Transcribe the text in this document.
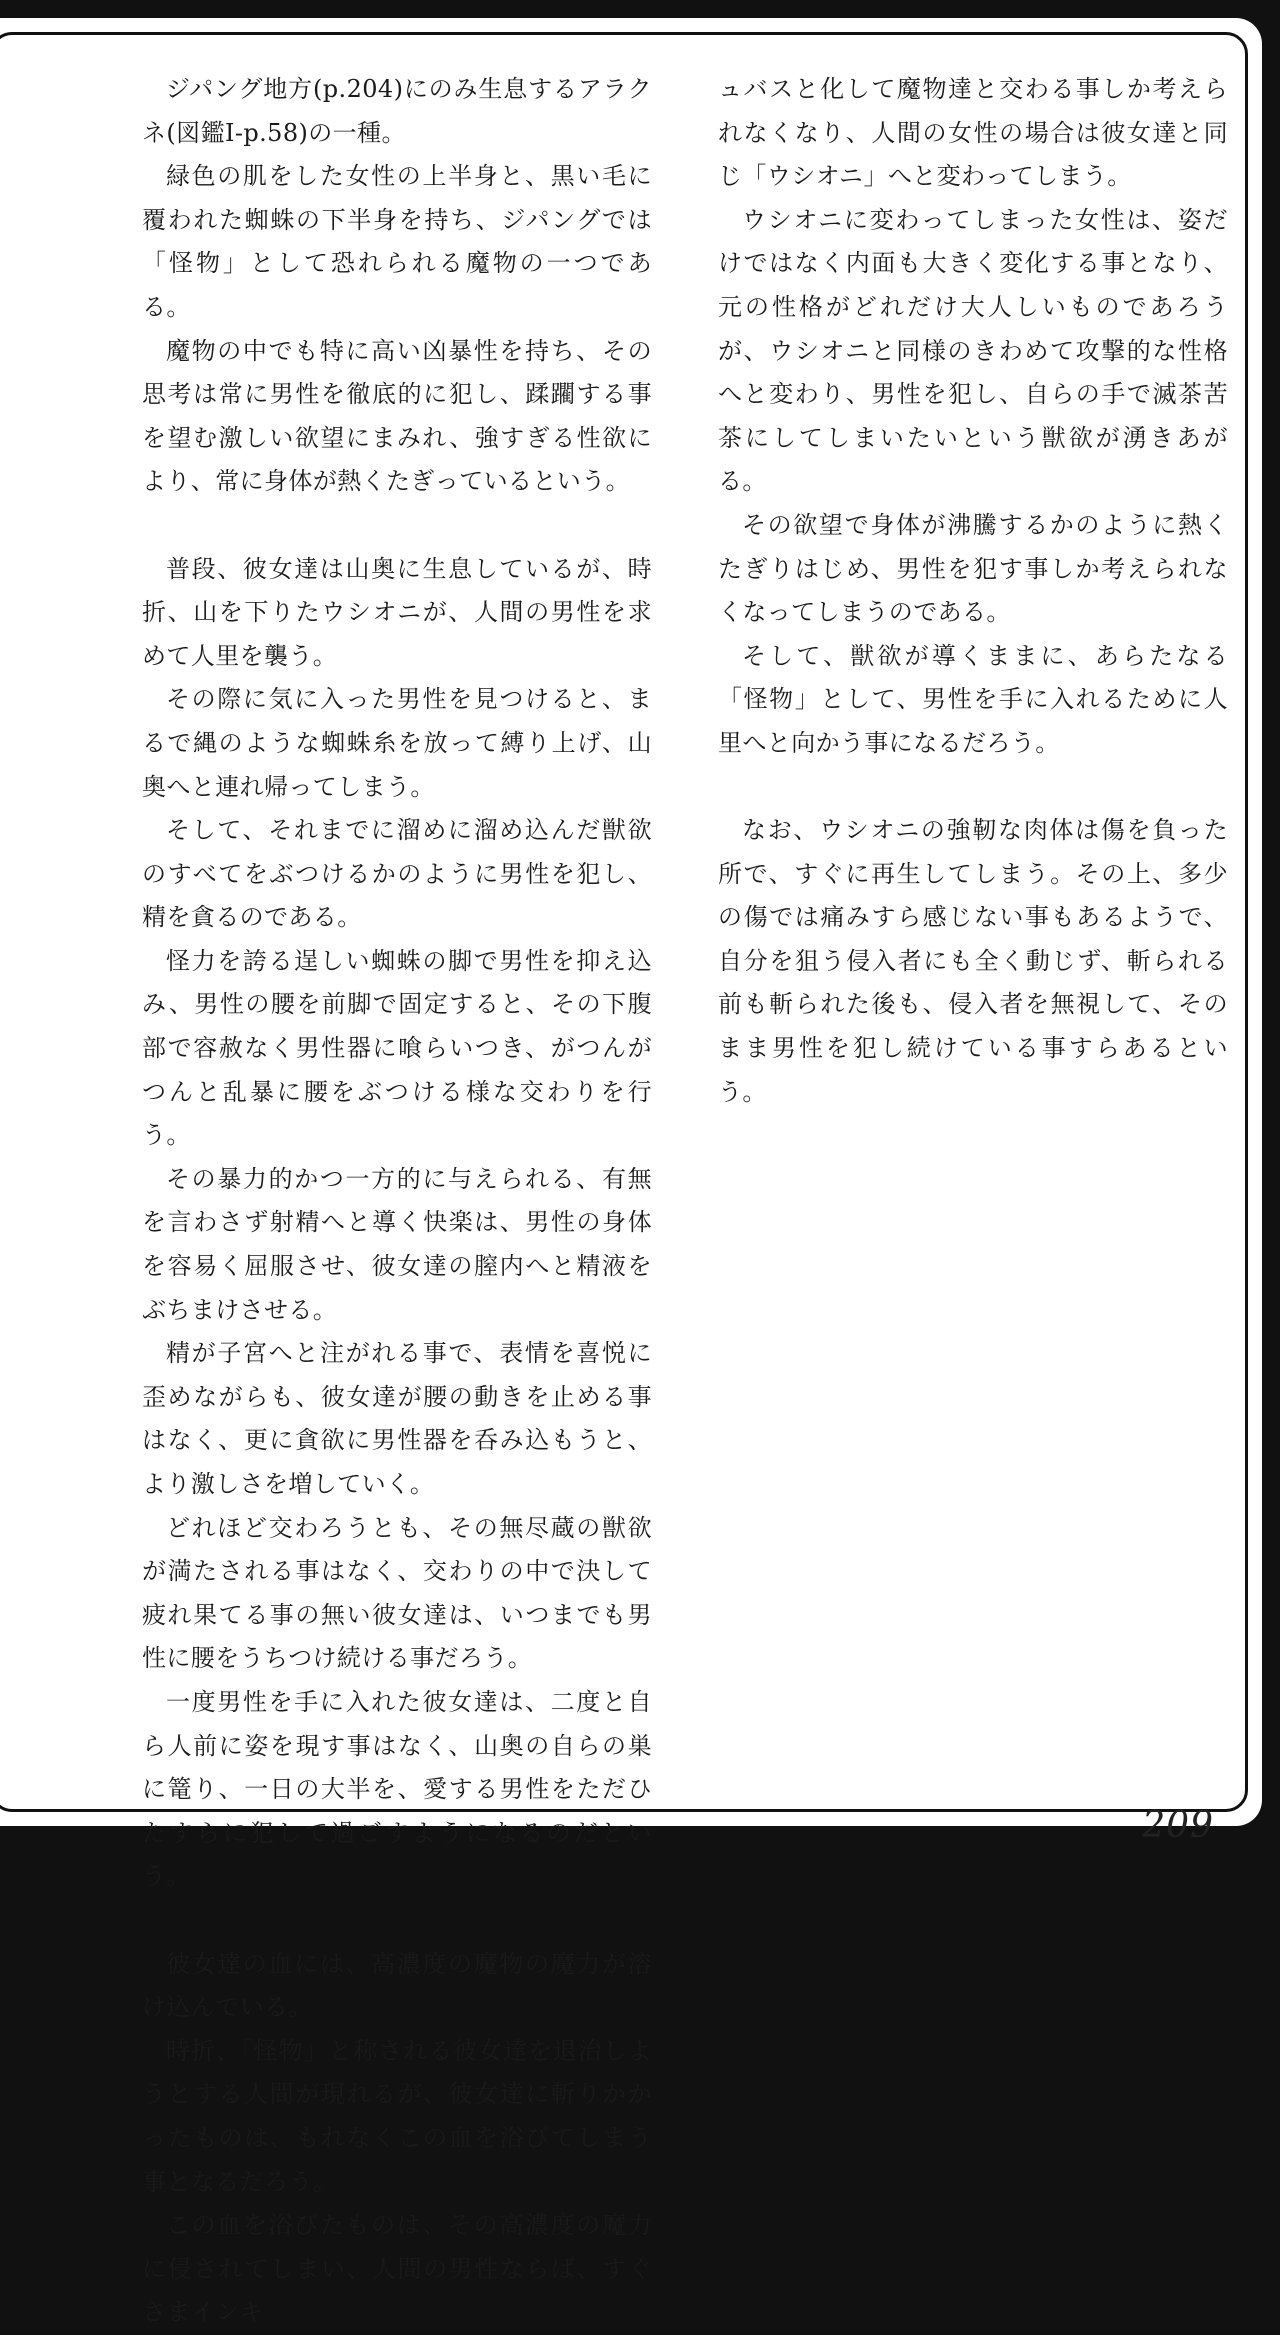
ジパング地方(p.204)にのみ生息するアラクネ(図鑑Ⅰ-p.58)の一種。

緑色の肌をした女性の上半身と、黒い毛に覆われた蜘蛛の下半身を持ち、ジパングでは「怪物」として恐れられる魔物の一つである。

魔物の中でも特に高い凶暴性を持ち、その思考は常に男性を徹底的に犯し、蹂躙する事を望む激しい欲望にまみれ、強すぎる性欲により、常に身体が熱くたぎっているという。

普段、彼女達は山奥に生息しているが、時折、山を下りたウシオニが、人間の男性を求めて人里を襲う。

その際に気に入った男性を見つけると、まるで縄のような蜘蛛糸を放って縛り上げ、山奥へと連れ帰ってしまう。

そして、それまでに溜めに溜め込んだ獣欲のすべてをぶつけるかのように男性を犯し、精を貪るのである。

怪力を誇る逞しい蜘蛛の脚で男性を抑え込み、男性の腰を前脚で固定すると、その下腹部で容赦なく男性器に喰らいつき、がつんがつんと乱暴に腰をぶつける様な交わりを行う。

その暴力的かつ一方的に与えられる、有無を言わさず射精へと導く快楽は、男性の身体を容易く屈服させ、彼女達の膣内へと精液をぶちまけさせる。

精が子宮へと注がれる事で、表情を喜悦に歪めながらも、彼女達が腰の動きを止める事はなく、更に貪欲に男性器を呑み込もうと、より激しさを増していく。

どれほど交わろうとも、その無尽蔵の獣欲が満たされる事はなく、交わりの中で決して疲れ果てる事の無い彼女達は、いつまでも男性に腰をうちつけ続ける事だろう。

一度男性を手に入れた彼女達は、二度と自ら人前に姿を現す事はなく、山奥の自らの巣に篭り、一日の大半を、愛する男性をただひたすらに犯して過ごすようになるのだという。

彼女達の血には、高濃度の魔物の魔力が溶け込んでいる。

時折、「怪物」と称される彼女達を退治しようとする人間が現れるが、彼女達に斬りかかったものは、もれなくこの血を浴びてしまう事となるだろう。

この血を浴びたものは、その高濃度の魔力に侵されてしまい、人間の男性ならば、すぐさまインキ

ュバスと化して魔物達と交わる事しか考えられなくなり、人間の女性の場合は彼女達と同じ「ウシオニ」へと変わってしまう。

ウシオニに変わってしまった女性は、姿だけではなく内面も大きく変化する事となり、元の性格がどれだけ大人しいものであろうが、ウシオニと同様のきわめて攻撃的な性格へと変わり、男性を犯し、自らの手で滅茶苦茶にしてしまいたいという獣欲が湧きあがる。

その欲望で身体が沸騰するかのように熱くたぎりはじめ、男性を犯す事しか考えられなくなってしまうのである。

そして、獣欲が導くままに、あらたなる「怪物」として、男性を手に入れるために人里へと向かう事になるだろう。

なお、ウシオニの強靭な肉体は傷を負った所で、すぐに再生してしまう。その上、多少の傷では痛みすら感じない事もあるようで、自分を狙う侵入者にも全く動じず、斬られる前も斬られた後も、侵入者を無視して、そのまま男性を犯し続けている事すらあるという。

209
